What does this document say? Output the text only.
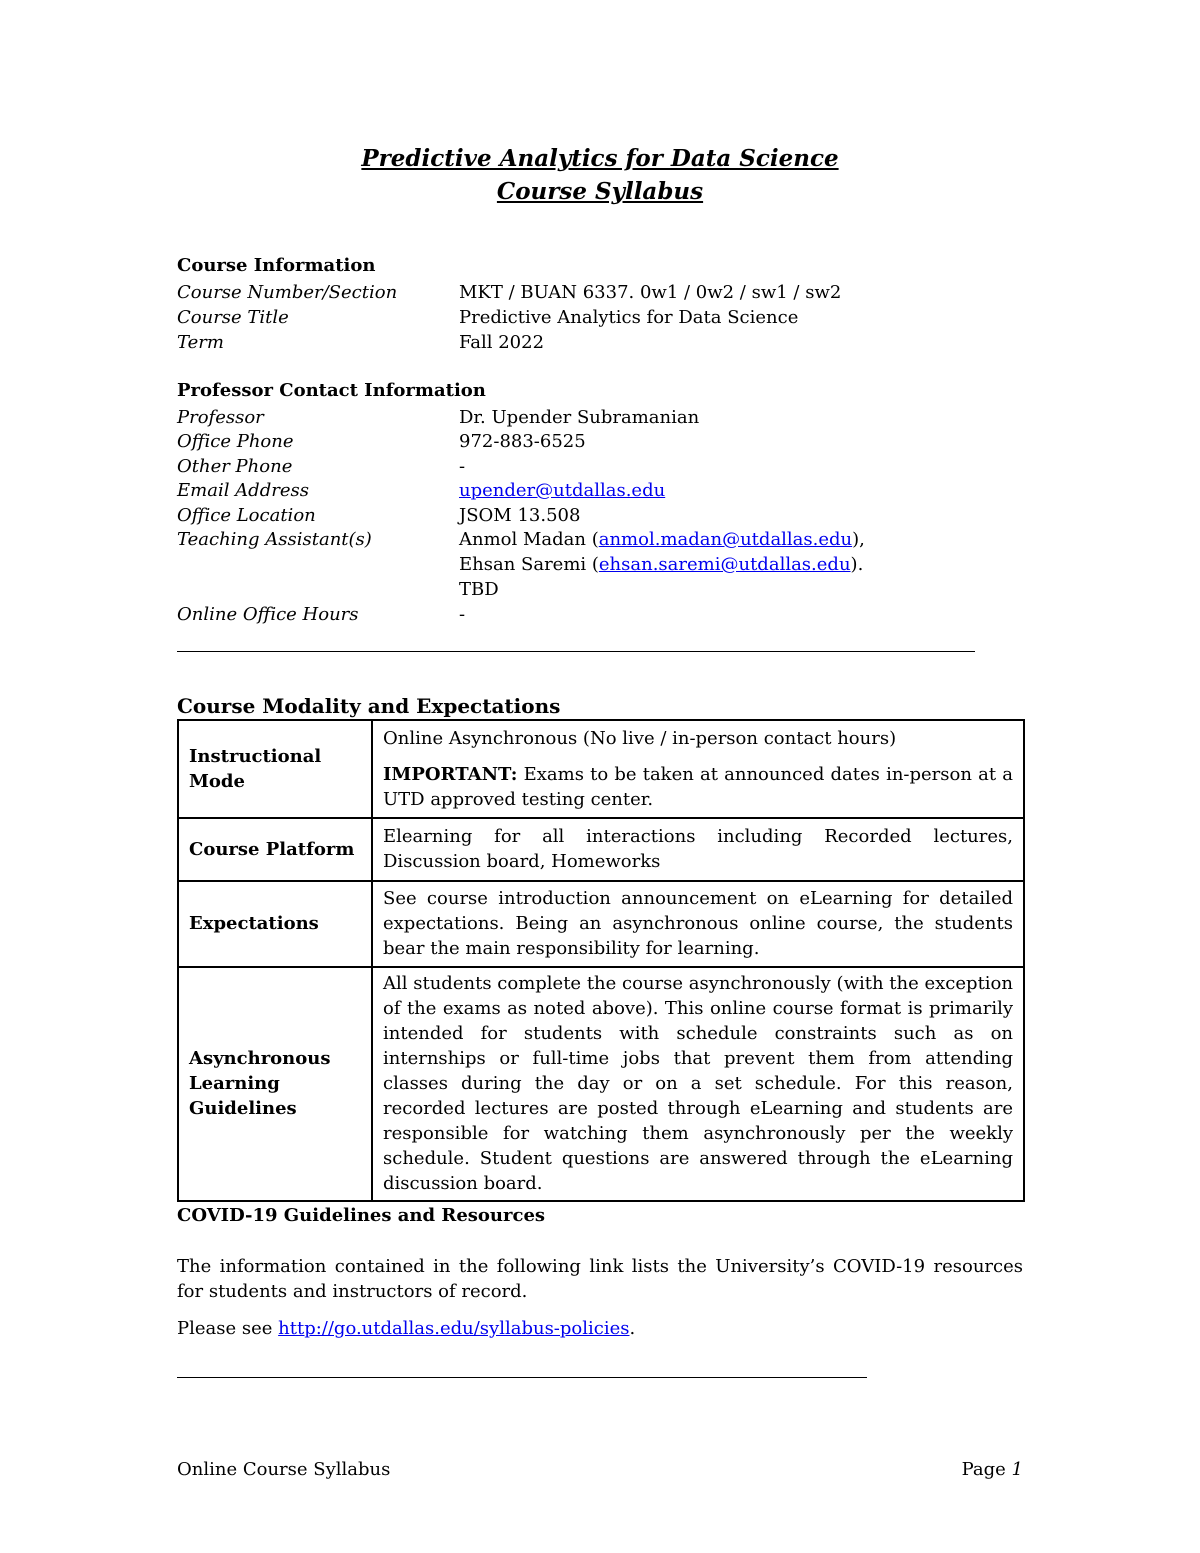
Predictive Analytics for Data Science
Course Syllabus
Course Information
Course Number/Section	MKT / BUAN 6337. 0w1 / 0w2 / sw1 / sw2
Course Title	Predictive Analytics for Data Science
Term	Fall 2022
Professor Contact Information
Professor	Dr. Upender Subramanian
Office Phone	972-883-6525
Other Phone	-
Email Address	upender@utdallas.edu
Office Location	JSOM 13.508
Teaching Assistant(s)	Anmol Madan (anmol.madan@utdallas.edu),
Ehsan Saremi (ehsan.saremi@utdallas.edu).
TBD
Online Office Hours	-
Course Modality and Expectations
Instructional Mode	Online Asynchronous (No live / in-person contact hours)

IMPORTANT: Exams to be taken at announced dates in-person at a UTD approved testing center.

Course Platform	Elearning for all interactions including Recorded lectures, Discussion board, Homeworks
Expectations	See course introduction announcement on eLearning for detailed expectations. Being an asynchronous online course, the students bear the main responsibility for learning.
Asynchronous Learning Guidelines	All students complete the course asynchronously (with the exception of the exams as noted above). This online course format is primarily intended for students with schedule constraints such as on internships or full-time jobs that prevent them from attending classes during the day or on a set schedule. For this reason, recorded lectures are posted through eLearning and students are responsible for watching them asynchronously per the weekly schedule. Student questions are answered through the eLearning discussion board.
COVID-19 Guidelines and Resources
The information contained in the following link lists the University’s COVID-19 resources for students and instructors of record.
Please see http://go.utdallas.edu/syllabus-policies.
Online Course Syllabus	Page 1
